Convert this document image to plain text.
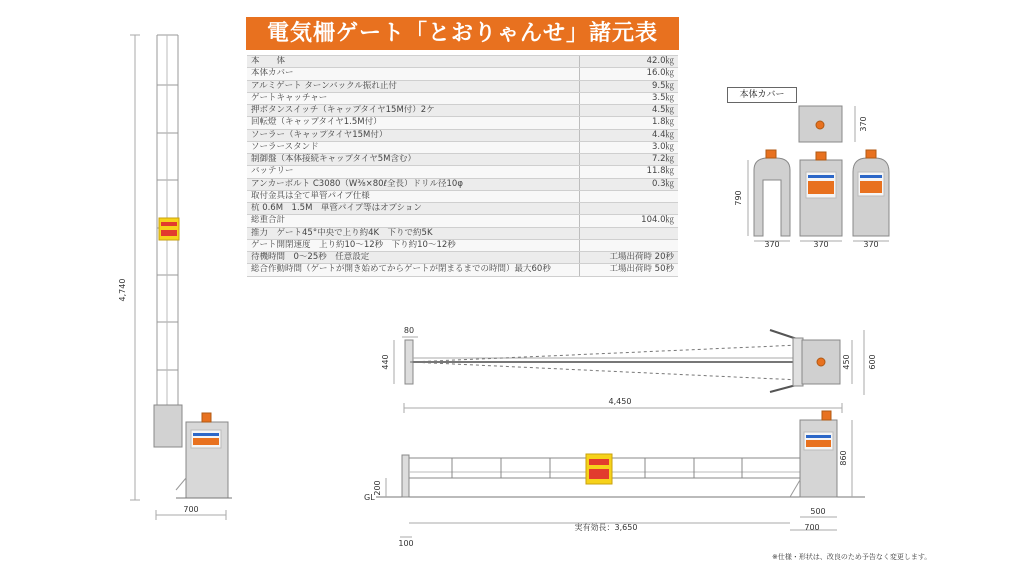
電気柵ゲート「とおりゃんせ」諸元表
本　　体	42.0㎏
本体カバー	16.0㎏
アルミゲート ターンバックル振れ止付	9.5㎏
ゲートキャッチャー	3.5㎏
押ボタンスイッチ（キャップタイヤ15M付）2ケ	4.5㎏
回転燈（キャップタイヤ1.5M付）	1.8㎏
ソーラー（キャップタイヤ15M付）	4.4㎏
ソーラースタンド	3.0㎏
制御盤（本体接続キャップタイヤ5M含む）	7.2㎏
バッテリー	11.8㎏
アンカーボルト C3080（W⅜×80ℓ全長）ドリル径10φ	0.3㎏
取付金具は全て単管パイプ仕様	
杭 0.6M　1.5M　単管パイプ等はオプション	
総重合計	104.0㎏
推力　ゲート45°中央で上り約4K　下りで約5K	
ゲート開閉速度　上り約10～12秒　下り約10～12秒	
待機時間　0～25秒　任意設定	工場出荷時 20秒
総合作動時間（ゲートが開き始めてからゲートが閉まるまでの時間）最大60秒	工場出荷時 50秒
本体カバー
4,740
700
370
790
370	370	370
80
440	450 600
4,450
200
860
500
700
100
実有効長：3,650
GL
※仕様・形状は、改良のため予告なく変更します。
